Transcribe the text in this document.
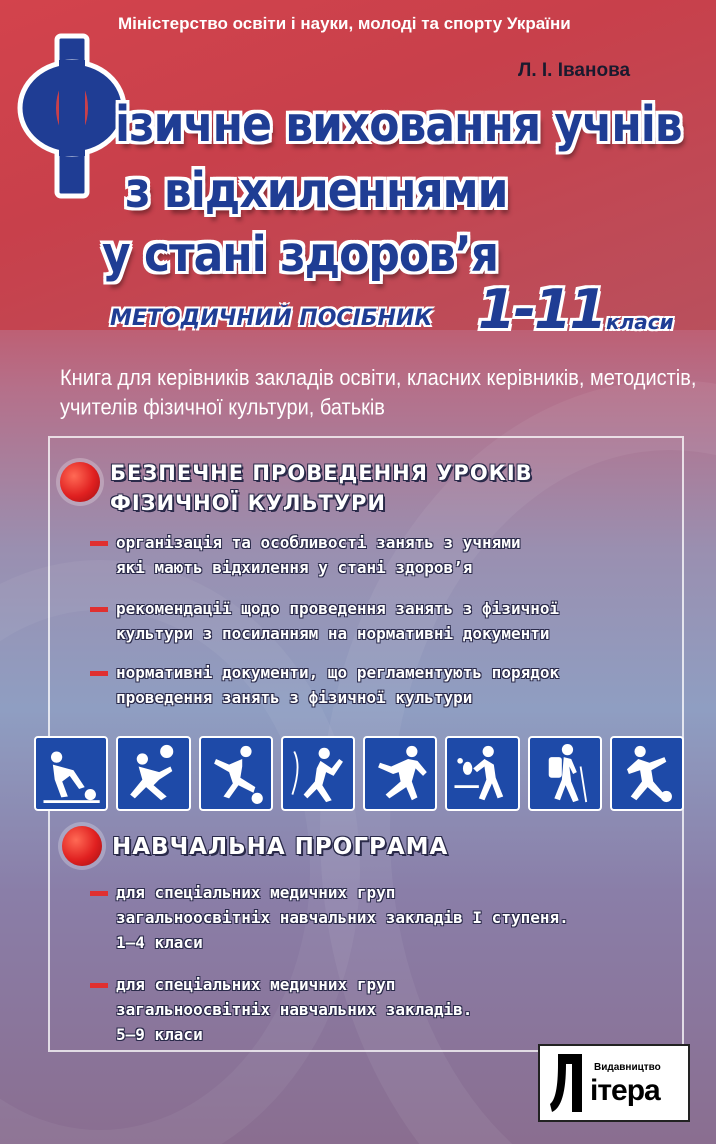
Міністерство освіти і науки, молоді та спорту України
Л. І. Іванова
ізичне виховання учнів
з відхиленнями
у стані здоров’я
МЕТОДИЧНИЙ ПОСІБНИК 1-11 класи
Книга для керівників закладів освіти, класних керівників, методистів, учителів фізичної культури, батьків
БЕЗПЕЧНЕ ПРОВЕДЕННЯ УРОКІВ
ФІЗИЧНОЇ КУЛЬТУРИ
організація та особливості занять з учнями
які мають відхилення у стані здоров’я
рекомендації щодо проведення занять з фізичної
культури з посиланням на нормативні документи
нормативні документи, що регламентують порядок
проведення занять з фізичної культури
НАВЧАЛЬНА ПРОГРАМА
для спеціальних медичних груп
загальноосвітніх навчальних закладів І ступеня.
1–4 класи
для спеціальних медичних груп
загальноосвітніх навчальних закладів.
5–9 класи
Видавництво
ітера
